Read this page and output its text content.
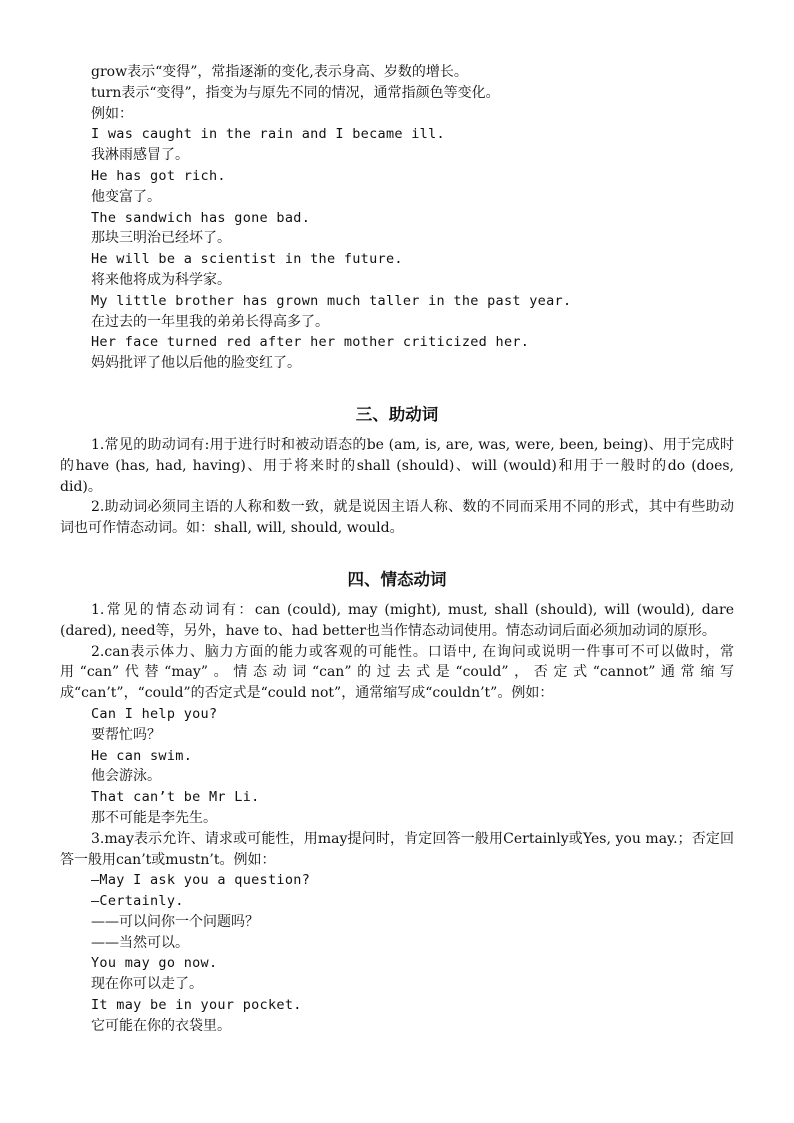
grow表示“变得”，常指逐渐的变化,表示身高、岁数的增长。
turn表示“变得”，指变为与原先不同的情况，通常指颜色等变化。
例如：
I was caught in the rain and I became ill.
我淋雨感冒了。
He has got rich.
他变富了。
The sandwich has gone bad.
那块三明治已经坏了。
He will be a scientist in the future.
将来他将成为科学家。
My little brother has grown much taller in the past year.
在过去的一年里我的弟弟长得高多了。
Her face turned red after her mother criticized her.
妈妈批评了他以后他的脸变红了。
三、助动词
1.常见的助动词有:用于进行时和被动语态的be (am, is, are, was, were, been, being)、用于完成时的have (has, had, having)、用于将来时的shall (should)、will (would)和用于一般时的do (does, did)。
2.助动词必须同主语的人称和数一致，就是说因主语人称、数的不同而采用不同的形式，其中有些助动词也可作情态动词。如：shall, will, should, would。
四、情态动词
1.常见的情态动词有：can (could), may (might), must, shall (should), will (would), dare (dared), need等，另外，have to、had better也当作情态动词使用。情态动词后面必须加动词的原形。
2.can表示体力、脑力方面的能力或客观的可能性。口语中, 在询问或说明一件事可不可以做时，常用“can”代替“may”。情态动词“can”的过去式是“could”，否定式“cannot”通常缩写成“can’t”，“could”的否定式是“could not”，通常缩写成“couldn’t”。例如：
Can I help you?
要帮忙吗？
He can swim.
他会游泳。
That can’t be Mr Li.
那不可能是李先生。
3.may表示允许、请求或可能性，用may提问时，肯定回答一般用Certainly或Yes, you may.；否定回答一般用can’t或mustn’t。例如：
—May I ask you a question?
—Certainly.
——可以问你一个问题吗？
——当然可以。
You may go now.
现在你可以走了。
It may be in your pocket.
它可能在你的衣袋里。
